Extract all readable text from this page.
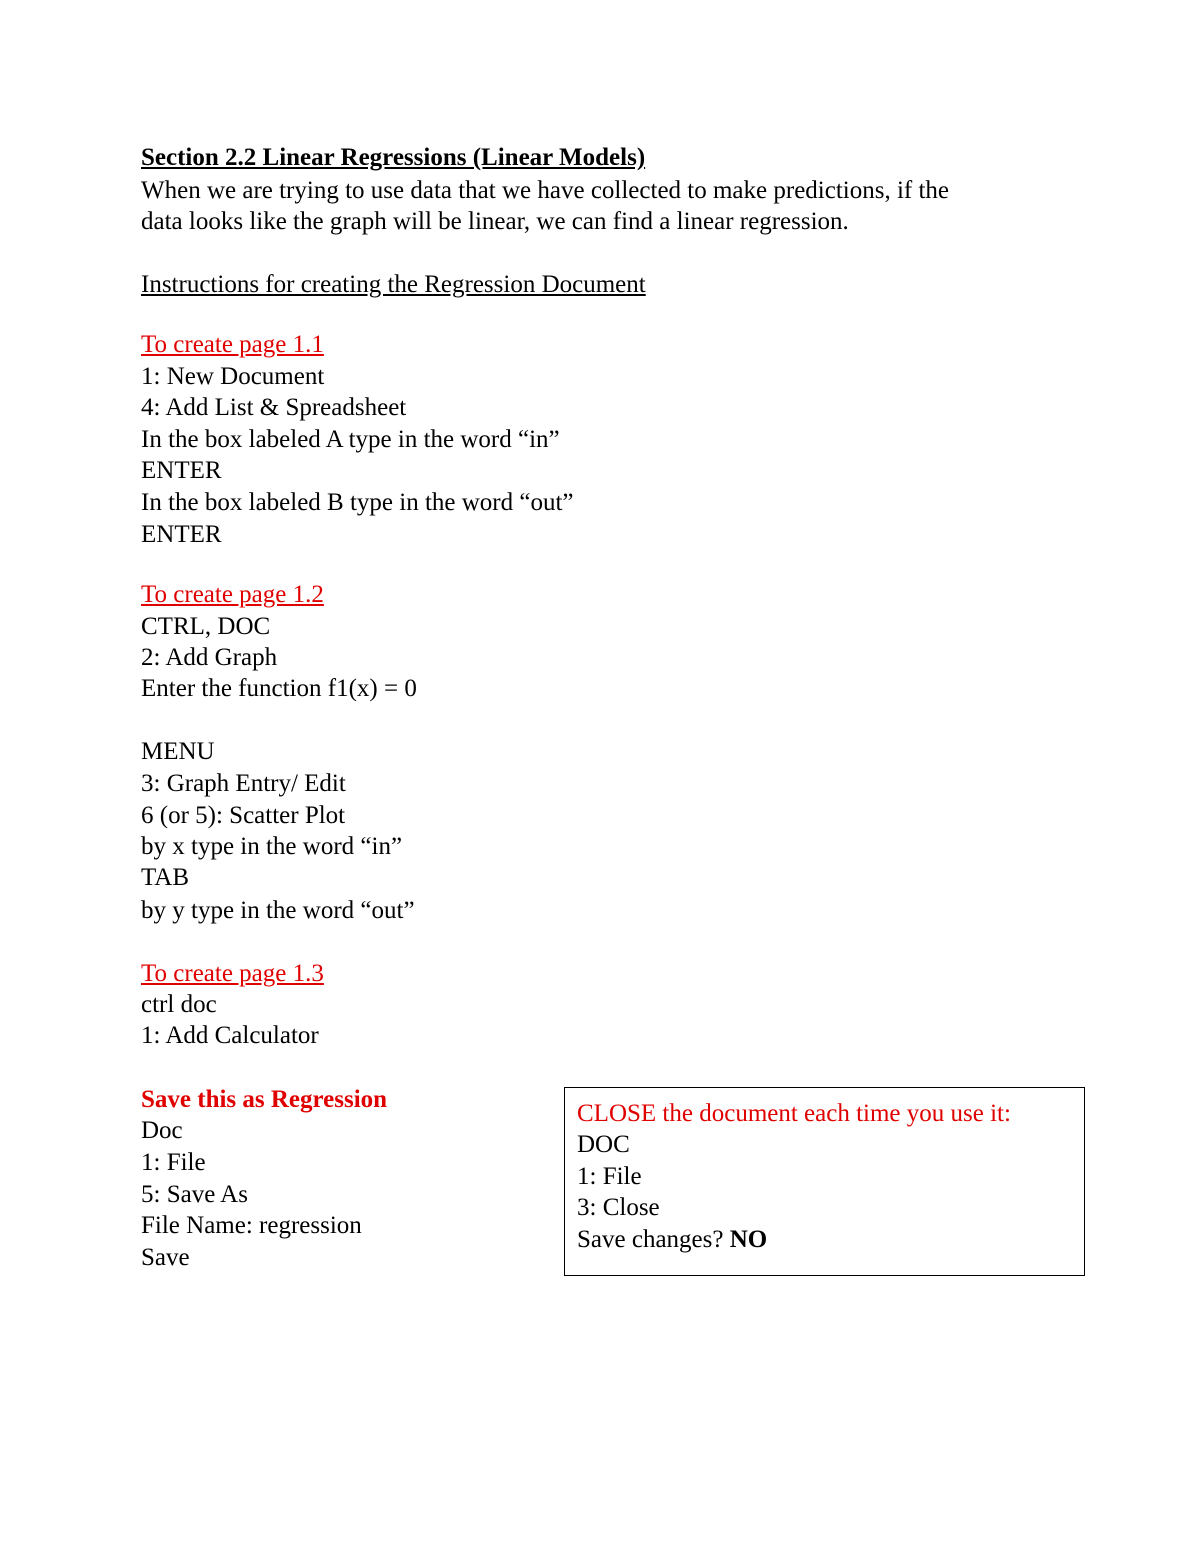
Section 2.2 Linear Regressions (Linear Models)
When we are trying to use data that we have collected to make predictions, if the
data looks like the graph will be linear, we can find a linear regression.
Instructions for creating the Regression Document
To create page 1.1
1: New Document
4: Add List & Spreadsheet
In the box labeled A type in the word “in”
ENTER
In the box labeled B type in the word “out”
ENTER
To create page 1.2
CTRL, DOC
2: Add Graph
Enter the function f1(x) = 0
MENU
3: Graph Entry/ Edit
6 (or 5): Scatter Plot
by x type in the word “in”
TAB
by y type in the word “out”
To create page 1.3
ctrl doc
1: Add Calculator
Save this as Regression
Doc
1: File
5: Save As
File Name: regression
Save
CLOSE the document each time you use it:
DOC
1: File
3: Close
Save changes? NO
